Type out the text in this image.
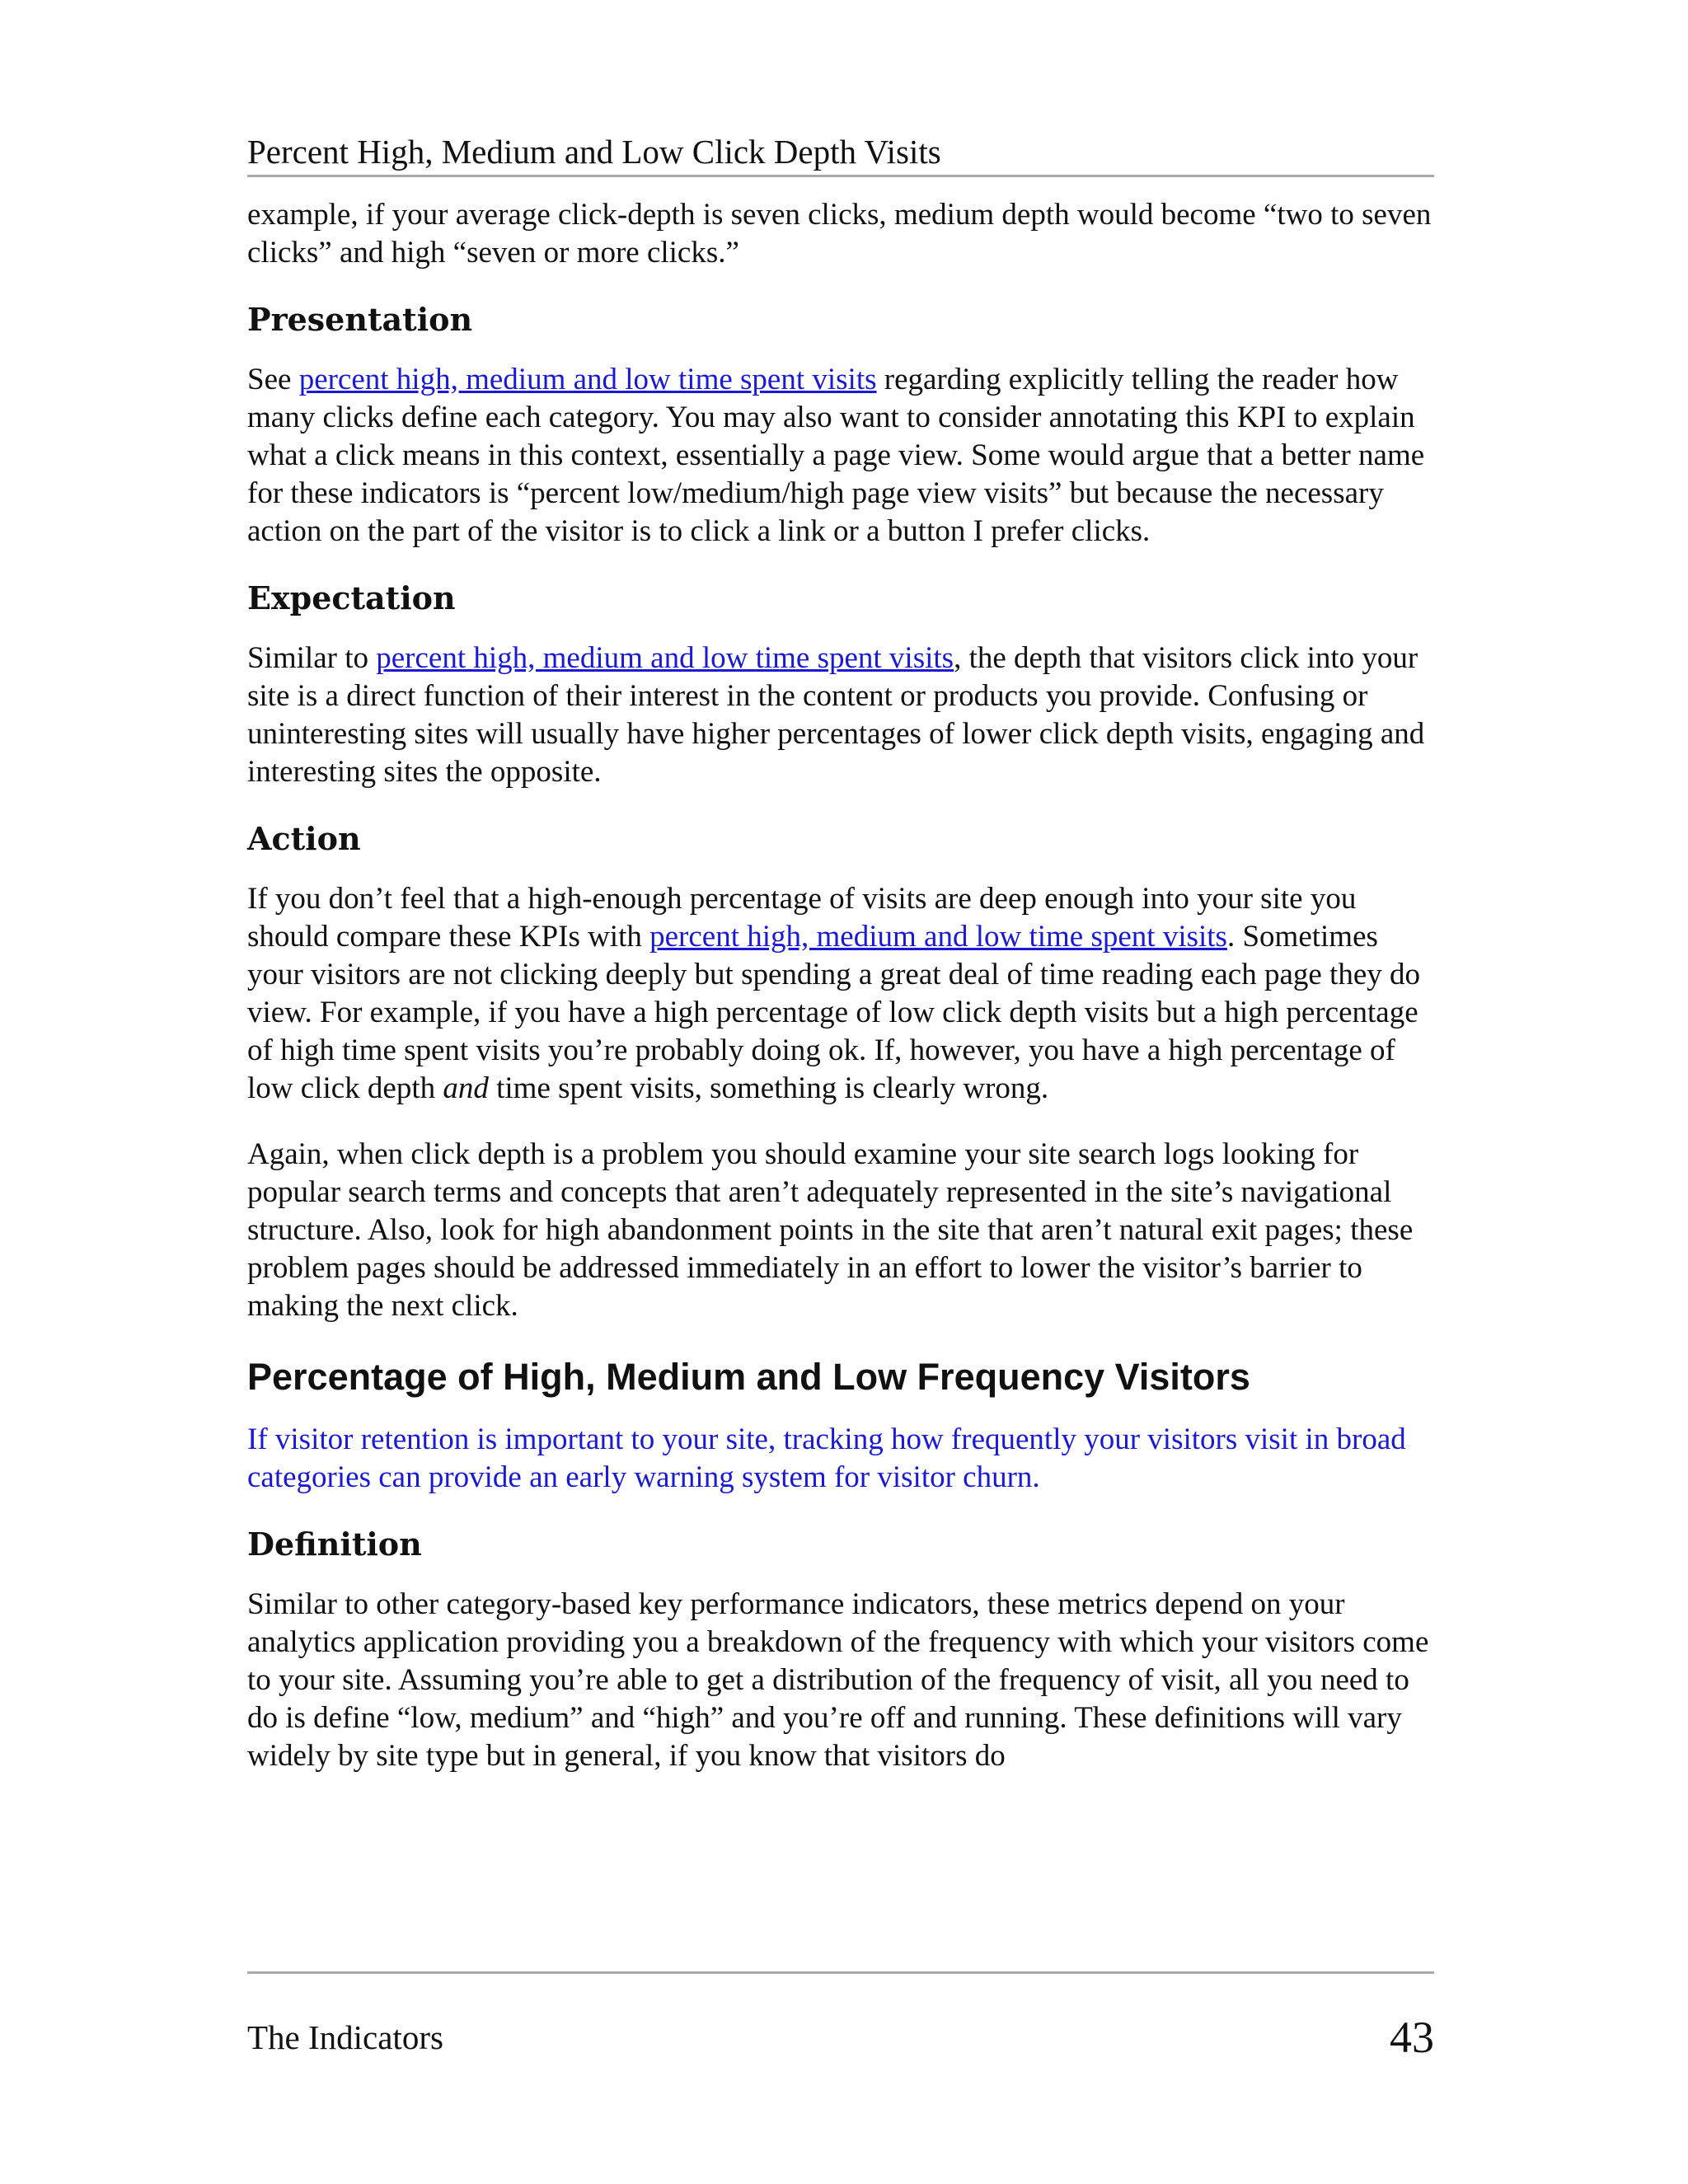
Percent High, Medium and Low Click Depth Visits

example, if your average click-depth is seven clicks, medium depth would become “two to seven clicks” and high “seven or more clicks.”

Presentation

See percent high, medium and low time spent visits regarding explicitly telling the reader how many clicks define each category. You may also want to consider annotating this KPI to explain what a click means in this context, essentially a page view. Some would argue that a better name for these indicators is “percent low/medium/high page view visits” but because the necessary action on the part of the visitor is to click a link or a button I prefer clicks.

Expectation

Similar to percent high, medium and low time spent visits, the depth that visitors click into your site is a direct function of their interest in the content or products you provide. Confusing or uninteresting sites will usually have higher percentages of lower click depth visits, engaging and interesting sites the opposite.

Action

If you don’t feel that a high-enough percentage of visits are deep enough into your site you should compare these KPIs with percent high, medium and low time spent visits. Sometimes your visitors are not clicking deeply but spending a great deal of time reading each page they do view. For example, if you have a high percentage of low click depth visits but a high percentage of high time spent visits you’re probably doing ok. If, however, you have a high percentage of low click depth and time spent visits, something is clearly wrong.

Again, when click depth is a problem you should examine your site search logs looking for popular search terms and concepts that aren’t adequately represented in the site’s navigational structure. Also, look for high abandonment points in the site that aren’t natural exit pages; these problem pages should be addressed immediately in an effort to lower the visitor’s barrier to making the next click.

Percentage of High, Medium and Low Frequency Visitors

If visitor retention is important to your site, tracking how frequently your visitors visit in broad categories can provide an early warning system for visitor churn.

Definition

Similar to other category-based key performance indicators, these metrics depend on your analytics application providing you a breakdown of the frequency with which your visitors come to your site. Assuming you’re able to get a distribution of the frequency of visit, all you need to do is define “low, medium” and “high” and you’re off and running. These definitions will vary widely by site type but in general, if you know that visitors do

The Indicators	43
